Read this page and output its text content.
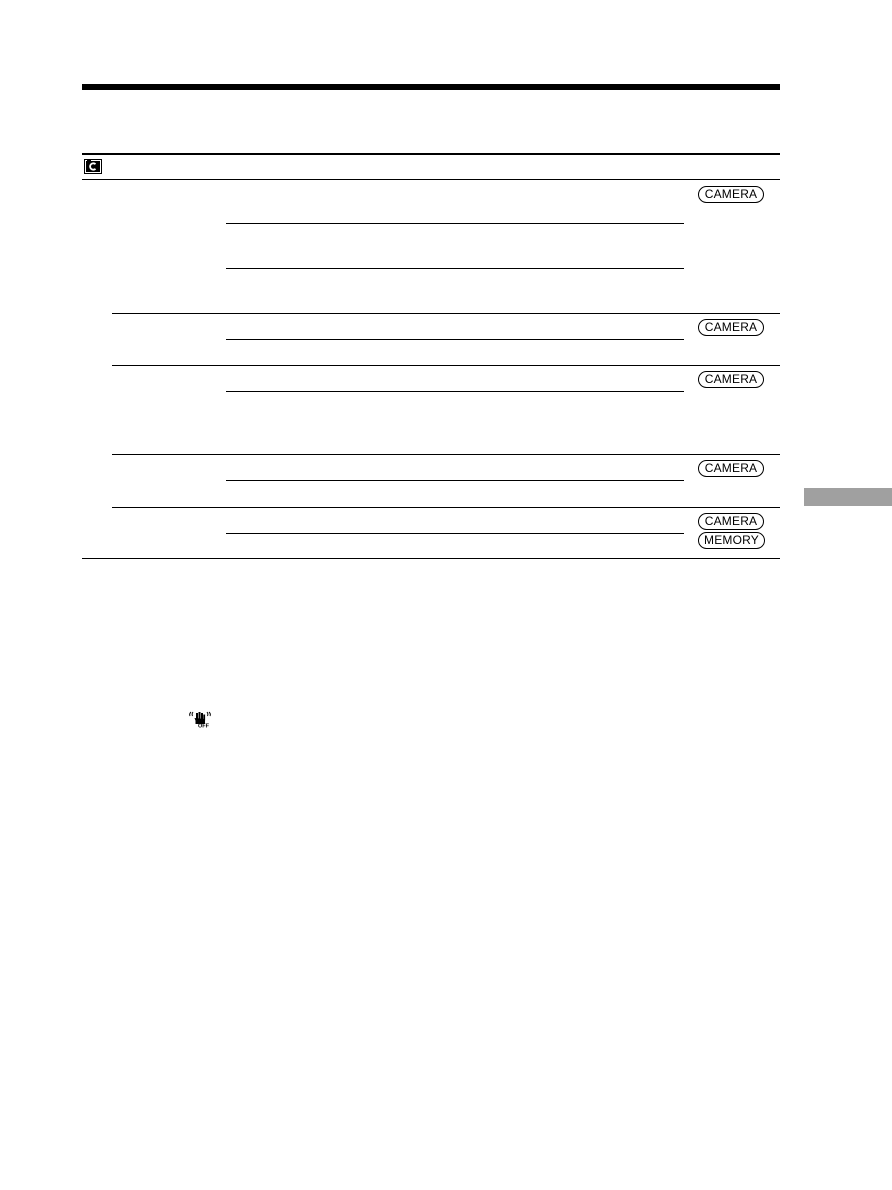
CAMERA
CAMERA
CAMERA
CAMERA
CAMERA
MEMORY
OFF
